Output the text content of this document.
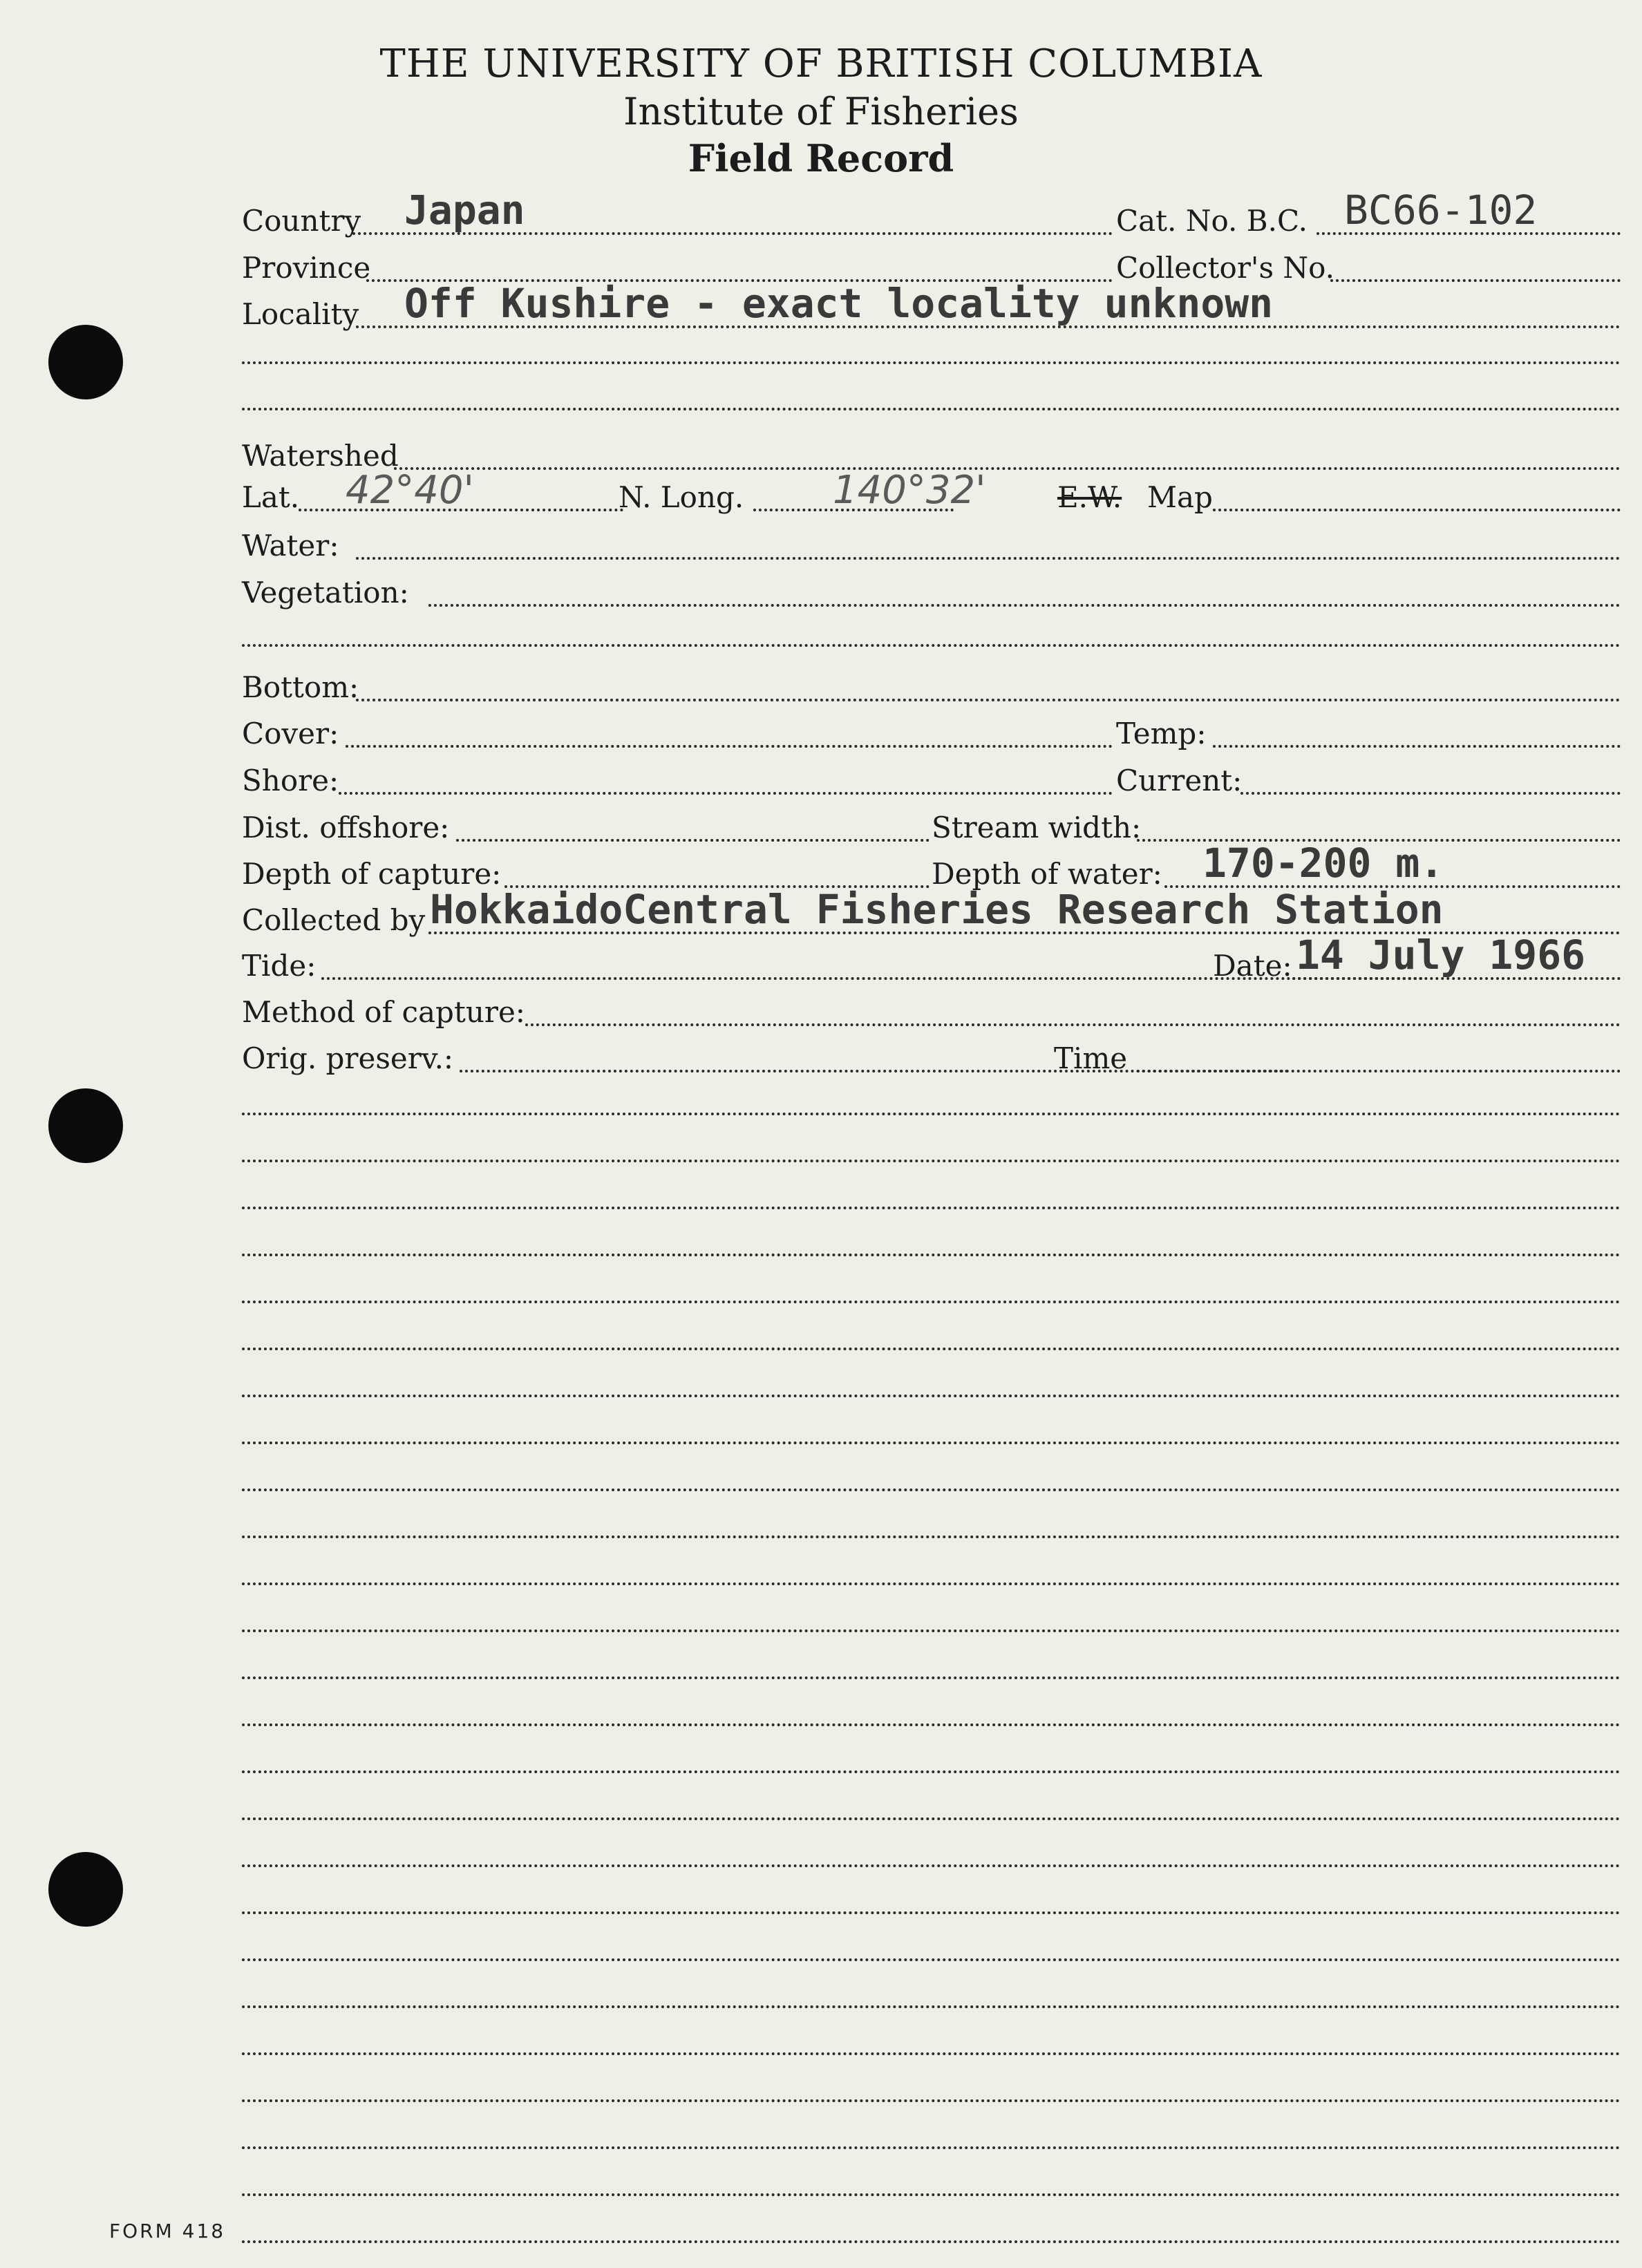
THE UNIVERSITY OF BRITISH COLUMBIA
Institute of Fisheries
Field Record
Country Japan	Cat. No. B.C. BC66-102
Province	Collector's No.
Locality Off Kushire - exact locality unknown
Watershed
Lat. 42°40'	N. Long. 140°32' E.W. Map
Water:
Vegetation:
Bottom:
Cover:	Temp:
Shore:	Current:
Dist. offshore:	Stream width:
Depth of capture:	Depth of water: 170-200 m.
Collected by HokkaidoCentral Fisheries Research Station
Tide:	Date: 14 July 1966
Method of capture:
Orig. preserv.:	Time
FORM 418
